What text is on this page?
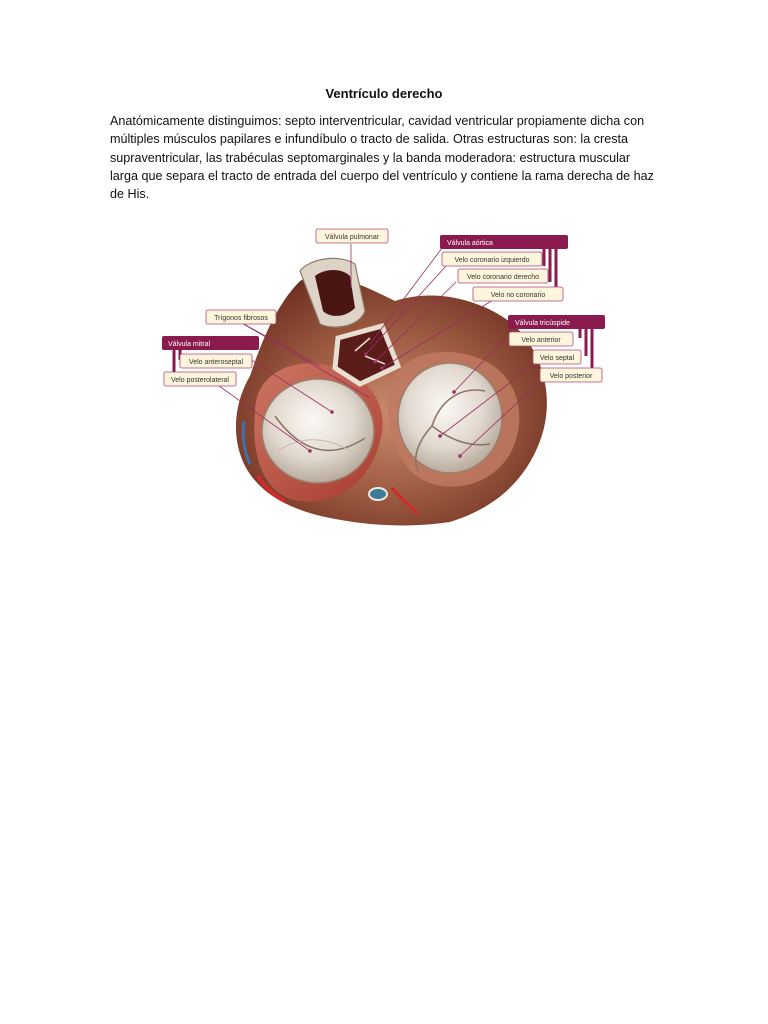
Ventrículo derecho

Anatómicamente distinguimos: septo interventricular, cavidad ventricular propiamente dicha con múltiples músculos papilares e infundíbulo o tracto de salida. Otras estructuras son: la cresta supraventricular, las trabéculas septomarginales y la banda moderadora: estructura muscular larga que separa el tracto de entrada del cuerpo del ventrículo y contiene la rama derecha de haz de His.

Válvula pulmonar
Válvula aórtica
Velo coronario izquierdo
Velo coronario derecho
Velo no coronario
Trígonos fibrosos
Válvula tricúspide
Velo anterior
Velo septal
Velo posterior
Válvula mitral
Velo anteroseptal
Velo posterolateral
